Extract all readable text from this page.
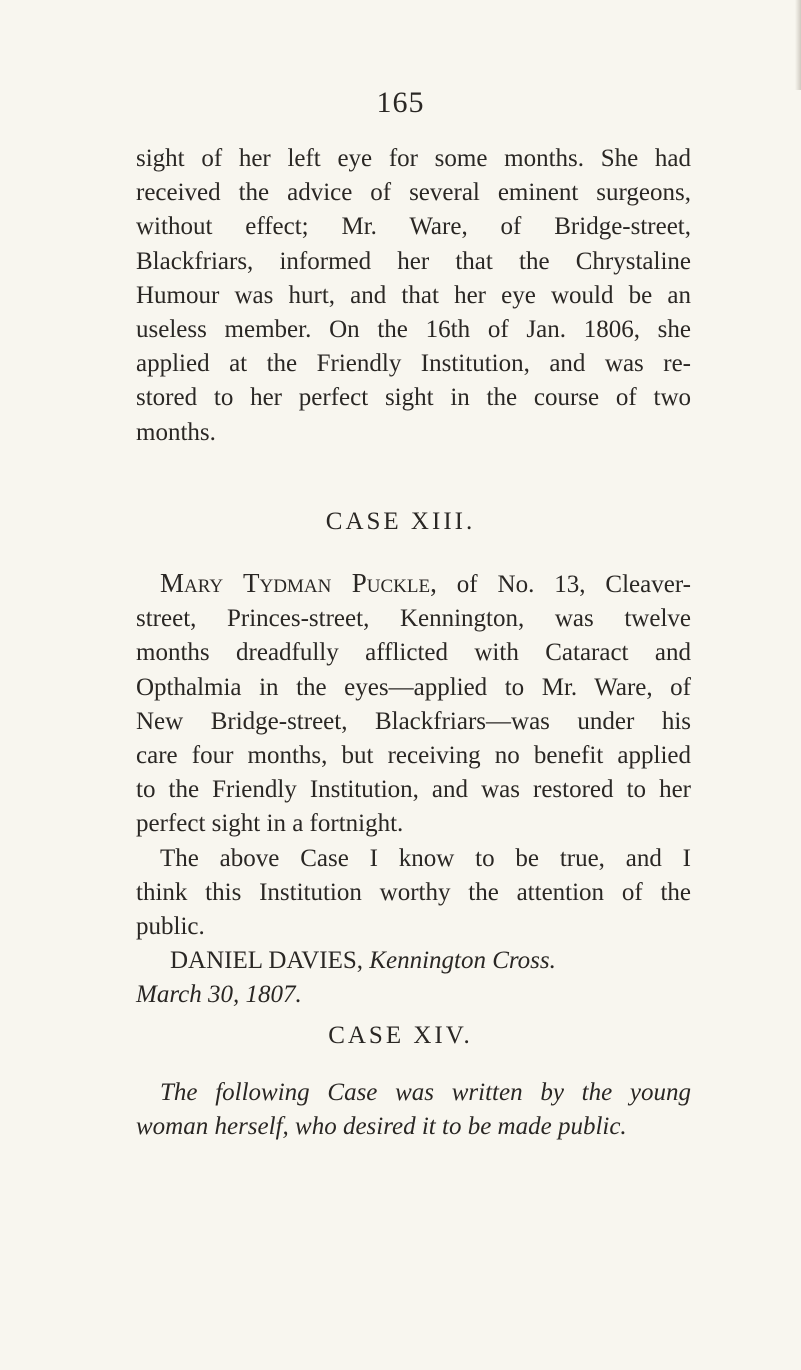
165
sight of her left eye for some months. She had
received the advice of several eminent surgeons,
without effect; Mr. Ware, of Bridge-street,
Blackfriars, informed her that the Chrystaline
Humour was hurt, and that her eye would be an
useless member. On the 16th of Jan. 1806, she
applied at the Friendly Institution, and was re-
stored to her perfect sight in the course of two
months.
CASE XIII.
Mary Tydman Puckle, of No. 13, Cleaver-
street, Princes-street, Kennington, was twelve
months dreadfully afflicted with Cataract and
Opthalmia in the eyes—applied to Mr. Ware, of
New Bridge-street, Blackfriars—was under his
care four months, but receiving no benefit applied
to the Friendly Institution, and was restored to her
perfect sight in a fortnight.
The above Case I know to be true, and I
think this Institution worthy the attention of the
public.
DANIEL DAVIES, Kennington Cross.
March 30, 1807.
CASE XIV.
The following Case was written by the young
woman herself, who desired it to be made public.
